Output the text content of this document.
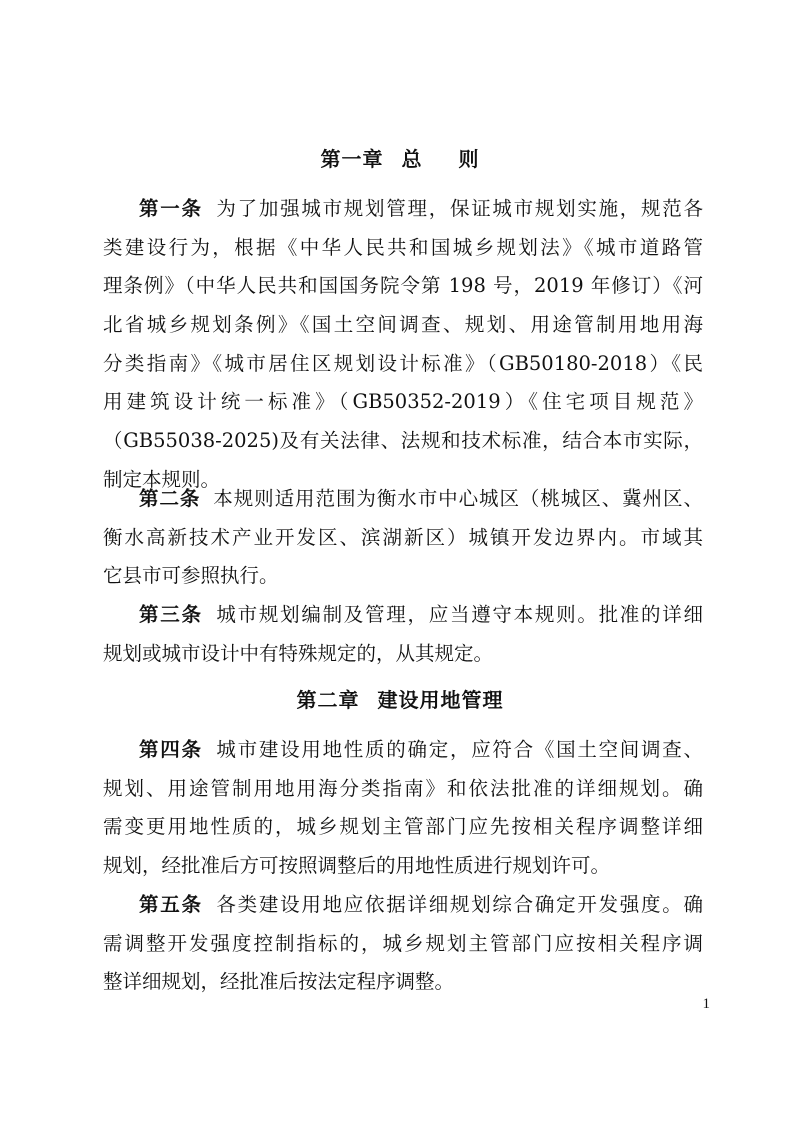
第一章 总 则
第一条 为了加强城市规划管理，保证城市规划实施，规范各
类建设行为，根据《中华人民共和国城乡规划法》《城市道路管
理条例》（中华人民共和国国务院令第 198 号，2019 年修订）《河
北省城乡规划条例》《国土空间调查、规划、用途管制用地用海
分类指南》《城市居住区规划设计标准》（GB50180-2018）《民
用建筑设计统一标准》（GB50352-2019）《住宅项目规范》
（GB55038-2025)及有关法律、法规和技术标准，结合本市实际，
制定本规则。
第二条 本规则适用范围为衡水市中心城区（桃城区、冀州区、
衡水高新技术产业开发区、滨湖新区）城镇开发边界内。市域其
它县市可参照执行。
第三条 城市规划编制及管理，应当遵守本规则。批准的详细
规划或城市设计中有特殊规定的，从其规定。
第二章 建设用地管理
第四条 城市建设用地性质的确定，应符合《国土空间调查、
规划、用途管制用地用海分类指南》和依法批准的详细规划。确
需变更用地性质的，城乡规划主管部门应先按相关程序调整详细
规划，经批准后方可按照调整后的用地性质进行规划许可。
第五条 各类建设用地应依据详细规划综合确定开发强度。确
需调整开发强度控制指标的，城乡规划主管部门应按相关程序调
整详细规划，经批准后按法定程序调整。
1
